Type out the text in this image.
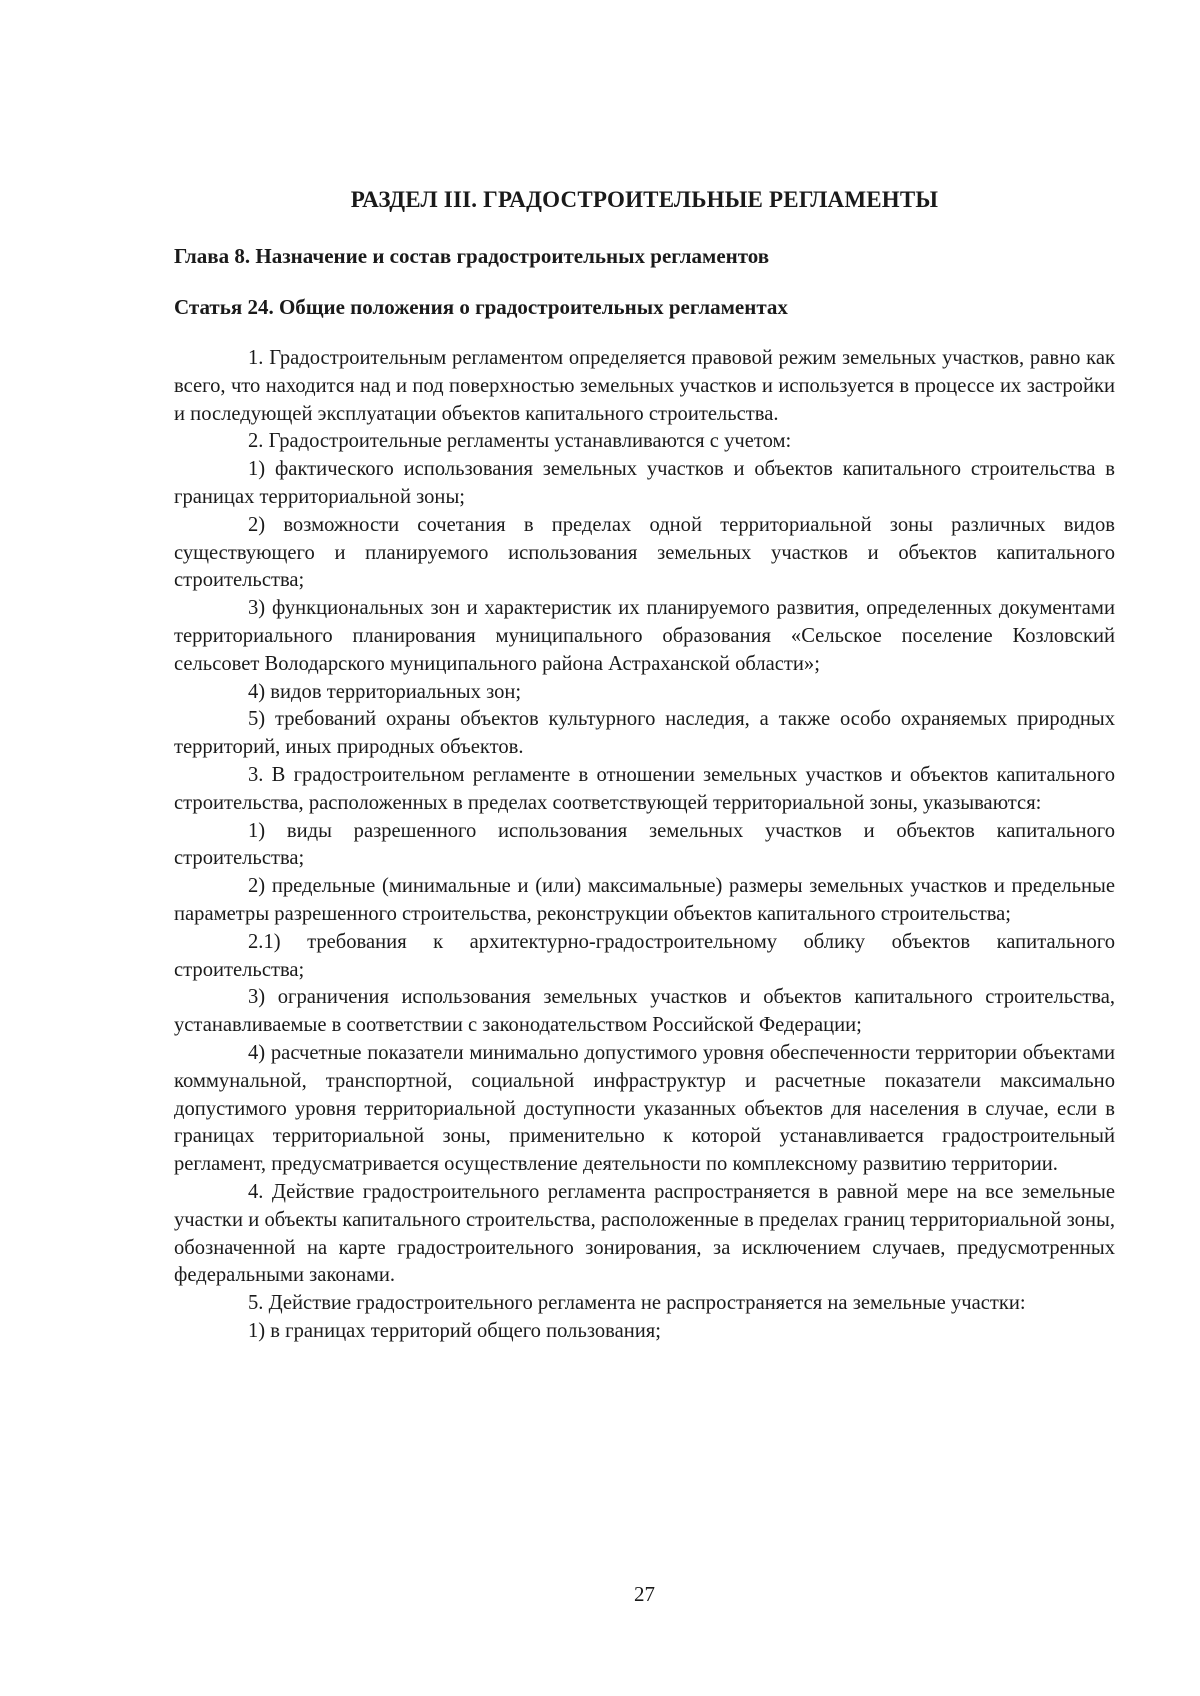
РАЗДЕЛ III. ГРАДОСТРОИТЕЛЬНЫЕ РЕГЛАМЕНТЫ
Глава 8. Назначение и состав градостроительных регламентов
Статья 24. Общие положения о градостроительных регламентах

1. Градостроительным регламентом определяется правовой режим земельных участков, равно как всего, что находится над и под поверхностью земельных участков и используется в процессе их застройки и последующей эксплуатации объектов капитального строительства.

2. Градостроительные регламенты устанавливаются с учетом:

1) фактического использования земельных участков и объектов капитального строительства в границах территориальной зоны;

2) возможности сочетания в пределах одной территориальной зоны различных видов существующего и планируемого использования земельных участков и объектов капитального строительства;

3) функциональных зон и характеристик их планируемого развития, определенных документами территориального планирования муниципального образования «Сельское поселение Козловский сельсовет Володарского муниципального района Астраханской области»;

4) видов территориальных зон;

5) требований охраны объектов культурного наследия, а также особо охраняемых природных территорий, иных природных объектов.

3. В градостроительном регламенте в отношении земельных участков и объектов капитального строительства, расположенных в пределах соответствующей территориальной зоны, указываются:

1) виды разрешенного использования земельных участков и объектов капитального строительства;

2) предельные (минимальные и (или) максимальные) размеры земельных участков и предельные параметры разрешенного строительства, реконструкции объектов капитального строительства;

2.1) требования к архитектурно-градостроительному облику объектов капитального строительства;

3) ограничения использования земельных участков и объектов капитального строительства, устанавливаемые в соответствии с законодательством Российской Федерации;

4) расчетные показатели минимально допустимого уровня обеспеченности территории объектами коммунальной, транспортной, социальной инфраструктур и расчетные показатели максимально допустимого уровня территориальной доступности указанных объектов для населения в случае, если в границах территориальной зоны, применительно к которой устанавливается градостроительный регламент, предусматривается осуществление деятельности по комплексному развитию территории.

4. Действие градостроительного регламента распространяется в равной мере на все земельные участки и объекты капитального строительства, расположенные в пределах границ территориальной зоны, обозначенной на карте градостроительного зонирования, за исключением случаев, предусмотренных федеральными законами.

5. Действие градостроительного регламента не распространяется на земельные участки:

1) в границах территорий общего пользования;

27
